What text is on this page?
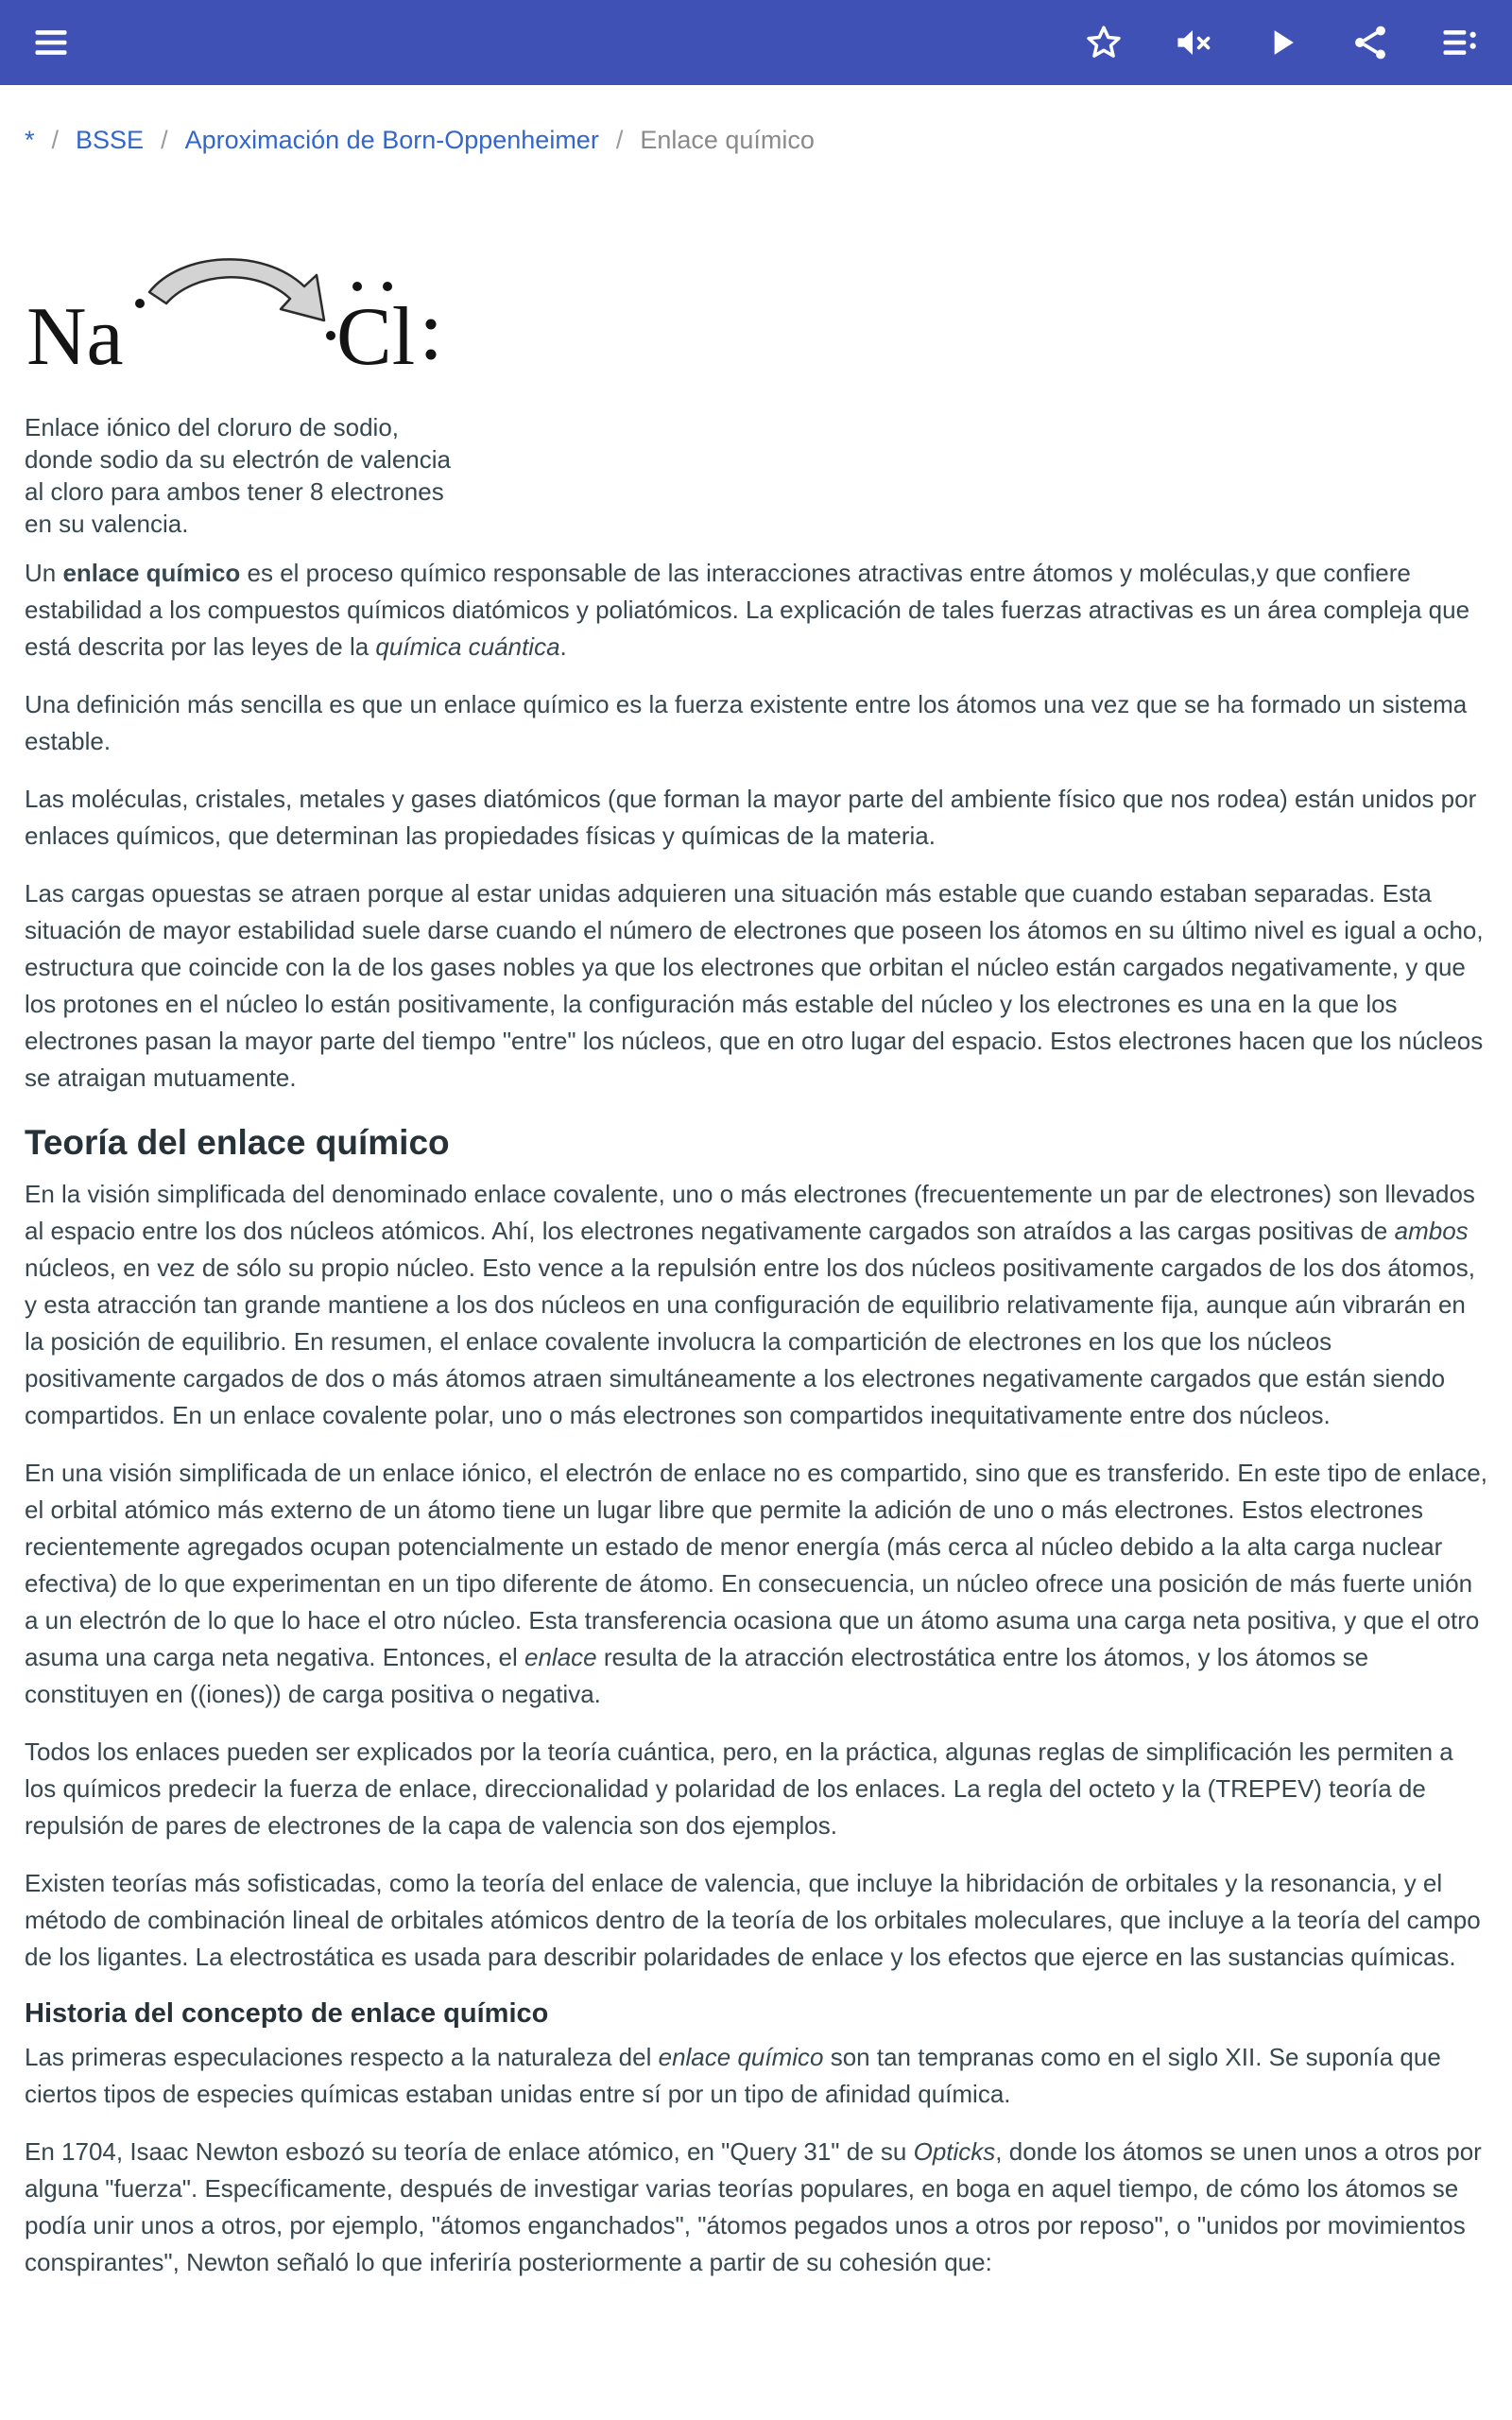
* / BSSE / Aproximación de Born-Oppenheimer / Enlace químico
Na	Cl
Enlace iónico del cloruro de sodio, donde sodio da su electrón de valencia al cloro para ambos tener 8 electrones en su valencia.

Un enlace químico es el proceso químico responsable de las interacciones atractivas entre átomos y moléculas,y que confiere estabilidad a los compuestos químicos diatómicos y poliatómicos. La explicación de tales fuerzas atractivas es un área compleja que está descrita por las leyes de la química cuántica.

Una definición más sencilla es que un enlace químico es la fuerza existente entre los átomos una vez que se ha formado un sistema estable.

Las moléculas, cristales, metales y gases diatómicos (que forman la mayor parte del ambiente físico que nos rodea) están unidos por enlaces químicos, que determinan las propiedades físicas y químicas de la materia.

Las cargas opuestas se atraen porque al estar unidas adquieren una situación más estable que cuando estaban separadas. Esta situación de mayor estabilidad suele darse cuando el número de electrones que poseen los átomos en su último nivel es igual a ocho, estructura que coincide con la de los gases nobles ya que los electrones que orbitan el núcleo están cargados negativamente, y que los protones en el núcleo lo están positivamente, la configuración más estable del núcleo y los electrones es una en la que los electrones pasan la mayor parte del tiempo "entre" los núcleos, que en otro lugar del espacio. Estos electrones hacen que los núcleos se atraigan mutuamente.

Teoría del enlace químico

En la visión simplificada del denominado enlace covalente, uno o más electrones (frecuentemente un par de electrones) son llevados al espacio entre los dos núcleos atómicos. Ahí, los electrones negativamente cargados son atraídos a las cargas positivas de ambos núcleos, en vez de sólo su propio núcleo. Esto vence a la repulsión entre los dos núcleos positivamente cargados de los dos átomos, y esta atracción tan grande mantiene a los dos núcleos en una configuración de equilibrio relativamente fija, aunque aún vibrarán en la posición de equilibrio. En resumen, el enlace covalente involucra la compartición de electrones en los que los núcleos positivamente cargados de dos o más átomos atraen simultáneamente a los electrones negativamente cargados que están siendo compartidos. En un enlace covalente polar, uno o más electrones son compartidos inequitativamente entre dos núcleos.

En una visión simplificada de un enlace iónico, el electrón de enlace no es compartido, sino que es transferido. En este tipo de enlace, el orbital atómico más externo de un átomo tiene un lugar libre que permite la adición de uno o más electrones. Estos electrones recientemente agregados ocupan potencialmente un estado de menor energía (más cerca al núcleo debido a la alta carga nuclear efectiva) de lo que experimentan en un tipo diferente de átomo. En consecuencia, un núcleo ofrece una posición de más fuerte unión a un electrón de lo que lo hace el otro núcleo. Esta transferencia ocasiona que un átomo asuma una carga neta positiva, y que el otro asuma una carga neta negativa. Entonces, el enlace resulta de la atracción electrostática entre los átomos, y los átomos se constituyen en ((iones)) de carga positiva o negativa.

Todos los enlaces pueden ser explicados por la teoría cuántica, pero, en la práctica, algunas reglas de simplificación les permiten a los químicos predecir la fuerza de enlace, direccionalidad y polaridad de los enlaces. La regla del octeto y la (TREPEV) teoría de repulsión de pares de electrones de la capa de valencia son dos ejemplos.

Existen teorías más sofisticadas, como la teoría del enlace de valencia, que incluye la hibridación de orbitales y la resonancia, y el método de combinación lineal de orbitales atómicos dentro de la teoría de los orbitales moleculares, que incluye a la teoría del campo de los ligantes. La electrostática es usada para describir polaridades de enlace y los efectos que ejerce en las sustancias químicas.

Historia del concepto de enlace químico

Las primeras especulaciones respecto a la naturaleza del enlace químico son tan tempranas como en el siglo XII. Se suponía que ciertos tipos de especies químicas estaban unidas entre sí por un tipo de afinidad química.

En 1704, Isaac Newton esbozó su teoría de enlace atómico, en "Query 31" de su Opticks, donde los átomos se unen unos a otros por alguna "fuerza". Específicamente, después de investigar varias teorías populares, en boga en aquel tiempo, de cómo los átomos se podía unir unos a otros, por ejemplo, "átomos enganchados", "átomos pegados unos a otros por reposo", o "unidos por movimientos conspirantes", Newton señaló lo que inferiría posteriormente a partir de su cohesión que:
